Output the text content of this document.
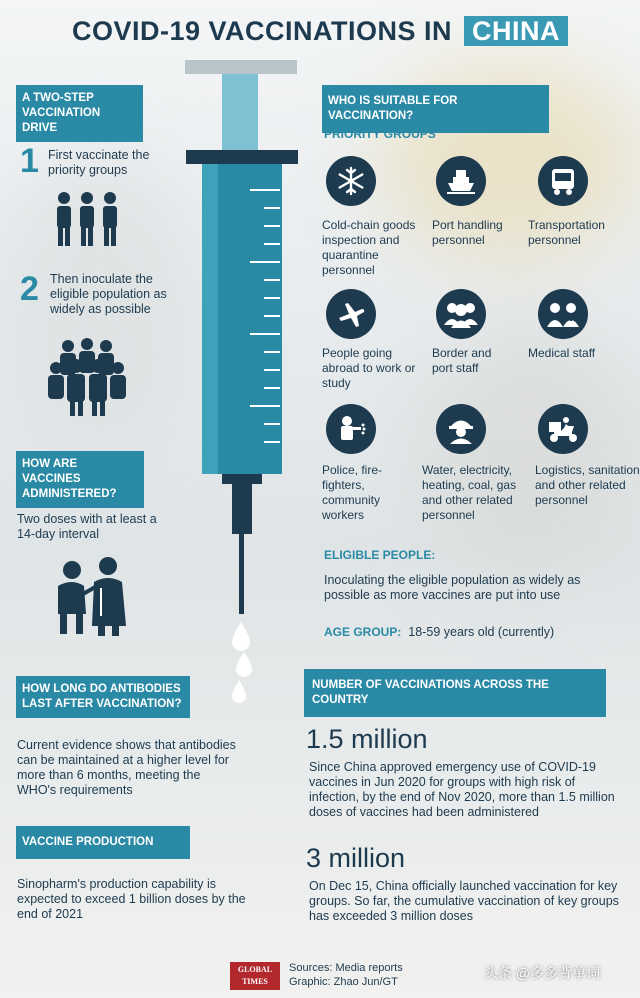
COVID-19 VACCINATIONS IN CHINA
A TWO-STEP
VACCINATION DRIVE
1 First vaccinate the priority groups
2 Then inoculate the eligible population as widely as possible
HOW ARE VACCINES ADMINISTERED?
Two doses with at least a 14-day interval
HOW LONG DO ANTIBODIES LAST AFTER VACCINATION?
Current evidence shows that antibodies can be maintained at a higher level for more than 6 months, meeting the WHO's requirements
VACCINE PRODUCTION
Sinopharm's production capability is expected to exceed 1 billion doses by the end of 2021
WHO IS SUITABLE FOR VACCINATION?
PRIORITY GROUPS
Cold-chain goods inspection and quarantine personnel
Port handling personnel
Transportation personnel
People going abroad to work or study
Border and port staff
Medical staff
Police, fire-fighters, community workers
Water, electricity, heating, coal, gas and other related personnel
Logistics, sanitation and other related personnel
ELIGIBLE PEOPLE:
Inoculating the eligible population as widely as possible as more vaccines are put into use
AGE GROUP: 18-59 years old (currently)
NUMBER OF VACCINATIONS ACROSS THE COUNTRY
1.5 million
Since China approved emergency use of COVID-19 vaccines in Jun 2020 for groups with high risk of infection, by the end of Nov 2020, more than 1.5 million doses of vaccines had been administered
3 million
On Dec 15, China officially launched vaccination for key groups. So far, the cumulative vaccination of key groups has exceeded 3 million doses
GLOBAL TIMES
Sources: Media reports
Graphic: Zhao Jun/GT
头条 @多多背单词
